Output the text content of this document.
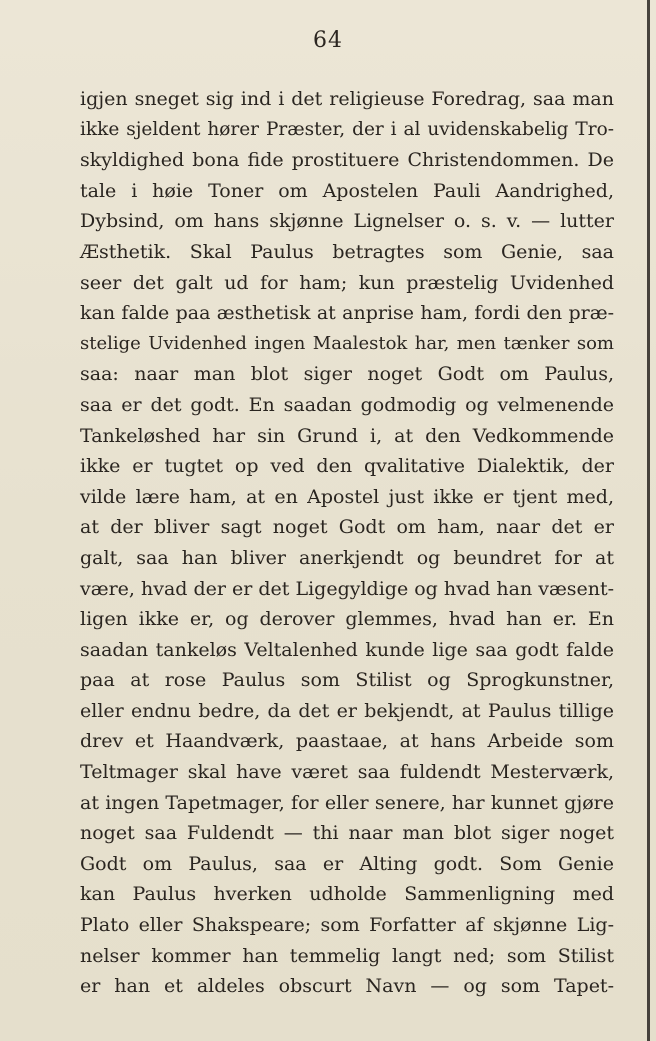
64
igjen sneget sig ind i det religieuse Foredrag, saa man
ikke sjeldent hører Præster, der i al uvidenskabelig Tro-
skyldighed bona fide prostituere Christendommen. De
tale i høie Toner om Apostelen Pauli Aandrighed,
Dybsind, om hans skjønne Lignelser o. s. v. — lutter
Æsthetik. Skal Paulus betragtes som Genie, saa
seer det galt ud for ham; kun præstelig Uvidenhed
kan falde paa æsthetisk at anprise ham, fordi den præ-
stelige Uvidenhed ingen Maalestok har, men tænker som
saa: naar man blot siger noget Godt om Paulus,
saa er det godt. En saadan godmodig og velmenende
Tankeløshed har sin Grund i, at den Vedkommende
ikke er tugtet op ved den qvalitative Dialektik, der
vilde lære ham, at en Apostel just ikke er tjent med,
at der bliver sagt noget Godt om ham, naar det er
galt, saa han bliver anerkjendt og beundret for at
være, hvad der er det Ligegyldige og hvad han væsent-
ligen ikke er, og derover glemmes, hvad han er. En
saadan tankeløs Veltalenhed kunde lige saa godt falde
paa at rose Paulus som Stilist og Sprogkunstner,
eller endnu bedre, da det er bekjendt, at Paulus tillige
drev et Haandværk, paastaae, at hans Arbeide som
Teltmager skal have været saa fuldendt Mesterværk,
at ingen Tapetmager, for eller senere, har kunnet gjøre
noget saa Fuldendt — thi naar man blot siger noget
Godt om Paulus, saa er Alting godt. Som Genie
kan Paulus hverken udholde Sammenligning med
Plato eller Shakspeare; som Forfatter af skjønne Lig-
nelser kommer han temmelig langt ned; som Stilist
er han et aldeles obscurt Navn — og som Tapet-
